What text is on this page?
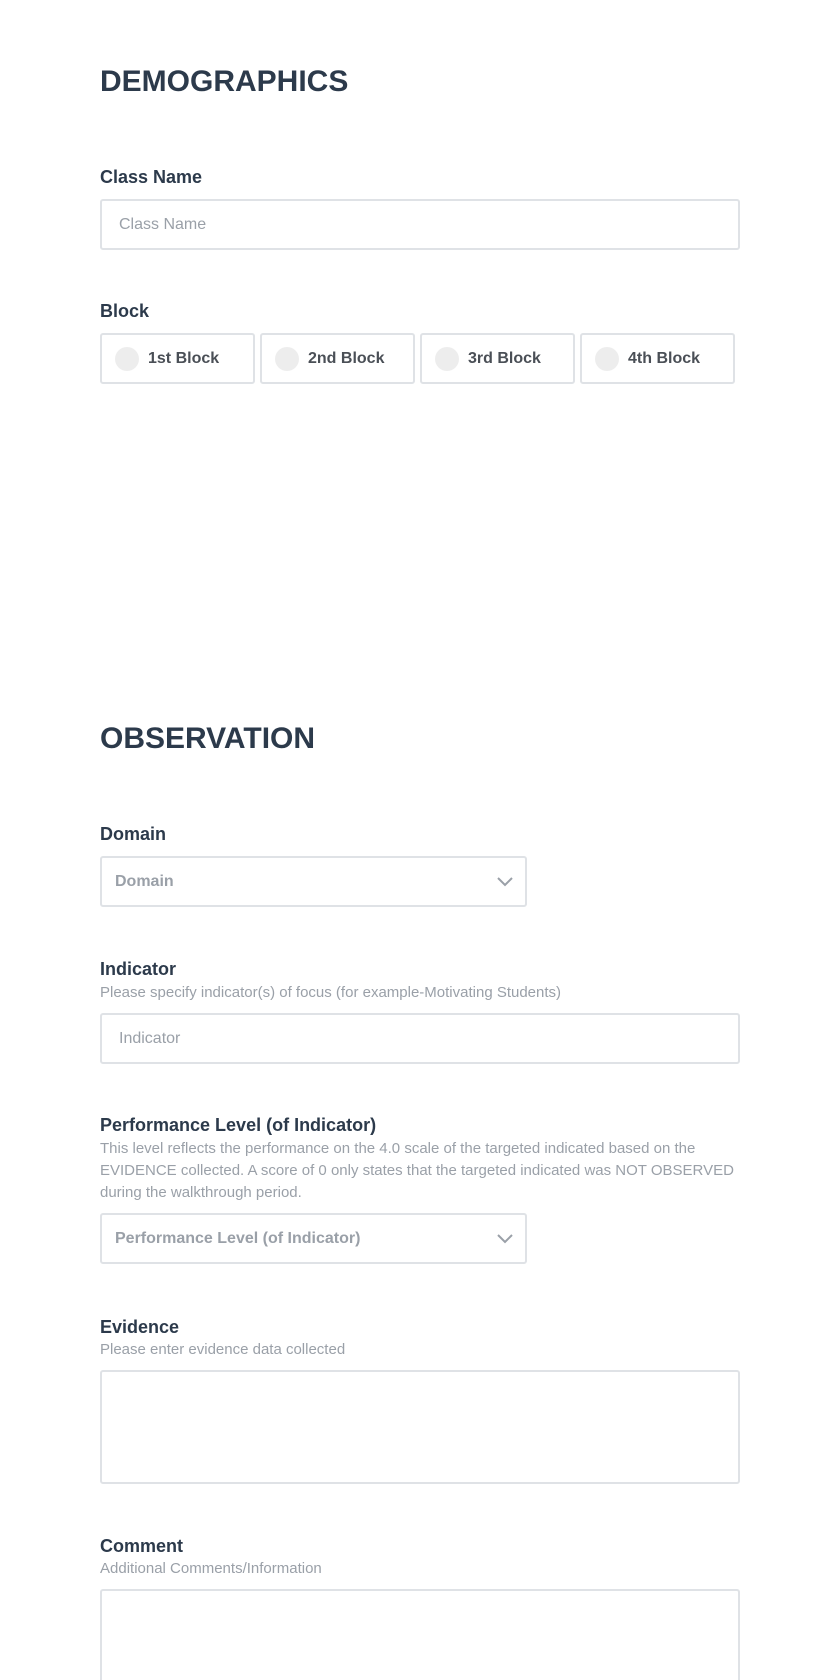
DEMOGRAPHICS
Class Name
Class Name
Block
1st Block	2nd Block	3rd Block	4th Block
OBSERVATION
Domain
Domain
Indicator

Please specify indicator(s) of focus (for example-Motivating Students)

Indicator
Performance Level (of Indicator)

This level reflects the performance on the 4.0 scale of the targeted indicated based on the EVIDENCE collected. A score of 0 only states that the targeted indicated was NOT OBSERVED during the walkthrough period.

Performance Level (of Indicator)
Evidence

Please enter evidence data collected

Comment

Additional Comments/Information
